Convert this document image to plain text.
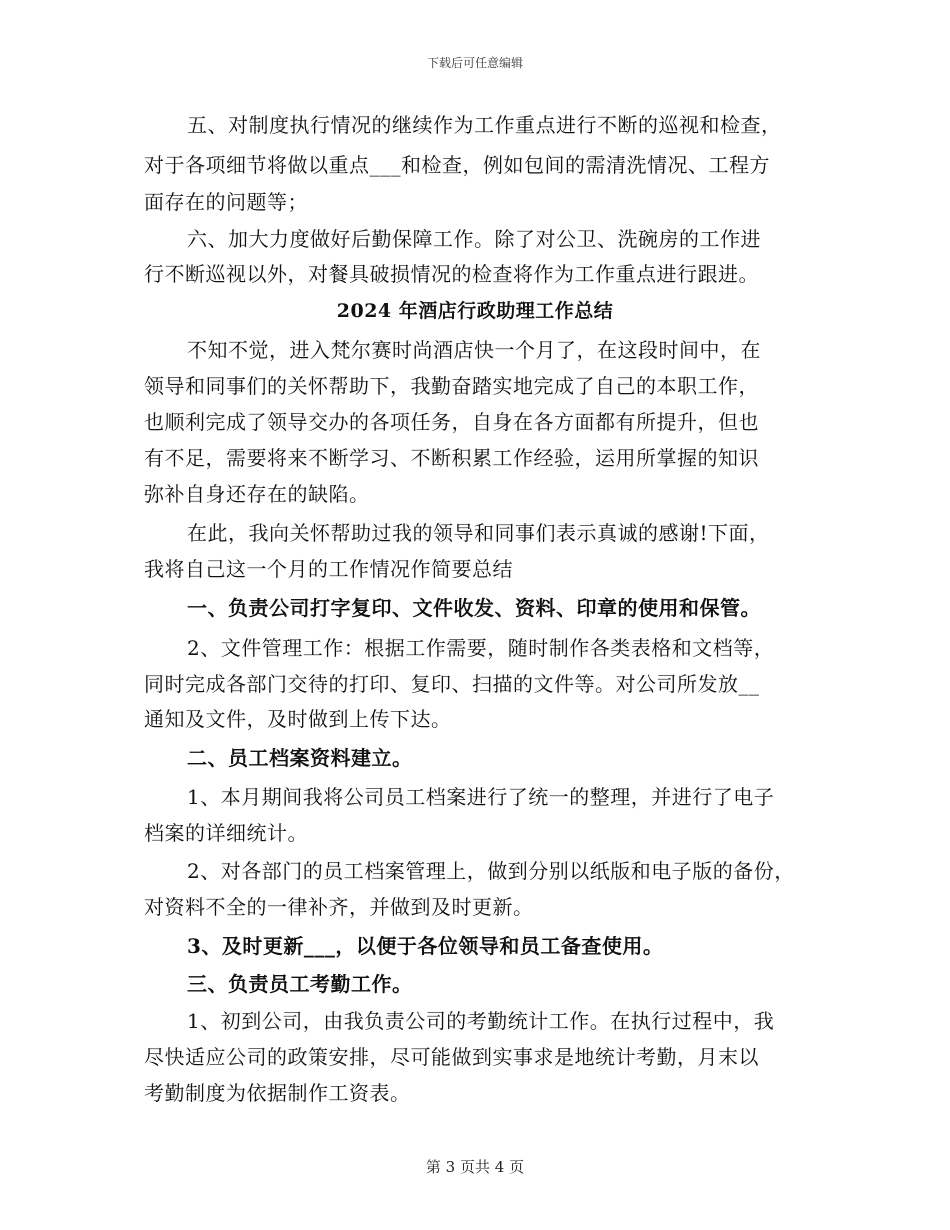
下载后可任意编辑
五、对制度执行情况的继续作为工作重点进行不断的巡视和检查，
对于各项细节将做以重点___和检查，例如包间的需清洗情况、工程方
面存在的问题等；
六、加大力度做好后勤保障工作。除了对公卫、洗碗房的工作进
行不断巡视以外，对餐具破损情况的检查将作为工作重点进行跟进。
2024 年酒店行政助理工作总结
不知不觉，进入梵尔赛时尚酒店快一个月了，在这段时间中，在
领导和同事们的关怀帮助下，我勤奋踏实地完成了自己的本职工作，
也顺利完成了领导交办的各项任务，自身在各方面都有所提升，但也
有不足，需要将来不断学习、不断积累工作经验，运用所掌握的知识
弥补自身还存在的缺陷。
在此，我向关怀帮助过我的领导和同事们表示真诚的感谢!下面，
我将自己这一个月的工作情况作简要总结
一、负责公司打字复印、文件收发、资料、印章的使用和保管。
2、文件管理工作：根据工作需要，随时制作各类表格和文档等，
同时完成各部门交待的打印、复印、扫描的文件等。对公司所发放__
通知及文件，及时做到上传下达。
二、员工档案资料建立。
1、本月期间我将公司员工档案进行了统一的整理，并进行了电子
档案的详细统计。
2、对各部门的员工档案管理上，做到分别以纸版和电子版的备份，
对资料不全的一律补齐，并做到及时更新。
3、及时更新___，以便于各位领导和员工备查使用。
三、负责员工考勤工作。
1、初到公司，由我负责公司的考勤统计工作。在执行过程中，我
尽快适应公司的政策安排，尽可能做到实事求是地统计考勤，月末以
考勤制度为依据制作工资表。
第 3 页共 4 页
